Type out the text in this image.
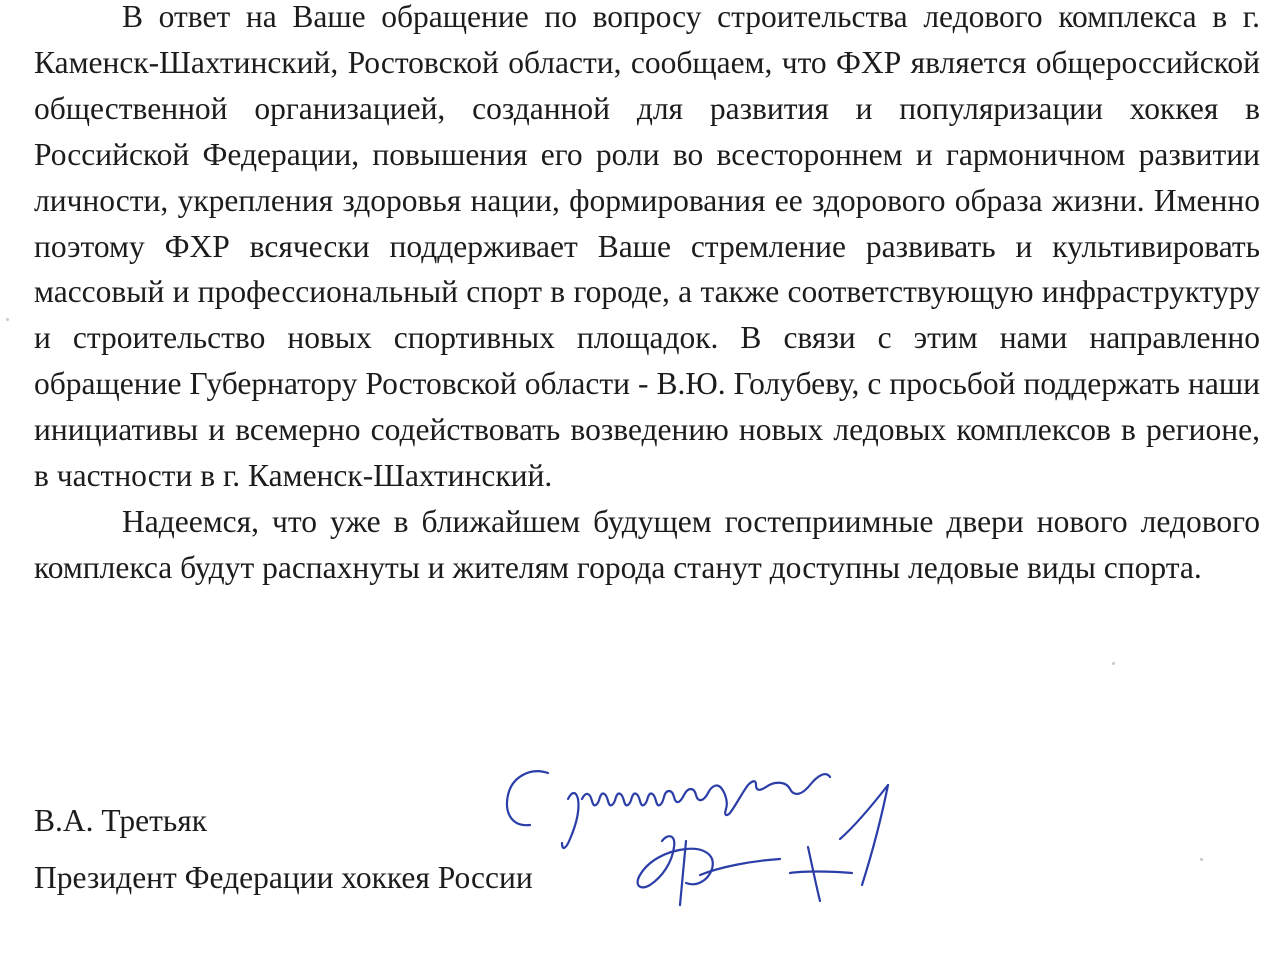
В ответ на Ваше обращение по вопросу строительства ледового комплекса в г. Каменск-Шахтинский, Ростовской области, сообщаем, что ФХР является общероссийской общественной организацией, созданной для развития и популяризации хоккея в Российской Федерации, повышения его роли во всестороннем и гармоничном развитии личности, укрепления здоровья нации, формирования ее здорового образа жизни. Именно поэтому ФХР всячески поддерживает Ваше стремление развивать и культивировать массовый и профессиональный спорт в городе, а также соответствующую инфраструктуру и строительство новых спортивных площадок. В связи с этим нами направленно обращение Губернатору Ростовской области - В.Ю. Голубеву, с просьбой поддержать наши инициативы и всемерно содействовать возведению новых ледовых комплексов в регионе, в частности в г. Каменск-Шахтинский.

Надеемся, что уже в ближайшем будущем гостеприимные двери нового ледового комплекса будут распахнуты и жителям города станут доступны ледовые виды спорта.

В.А. Третьяк
Президент Федерации хоккея России
